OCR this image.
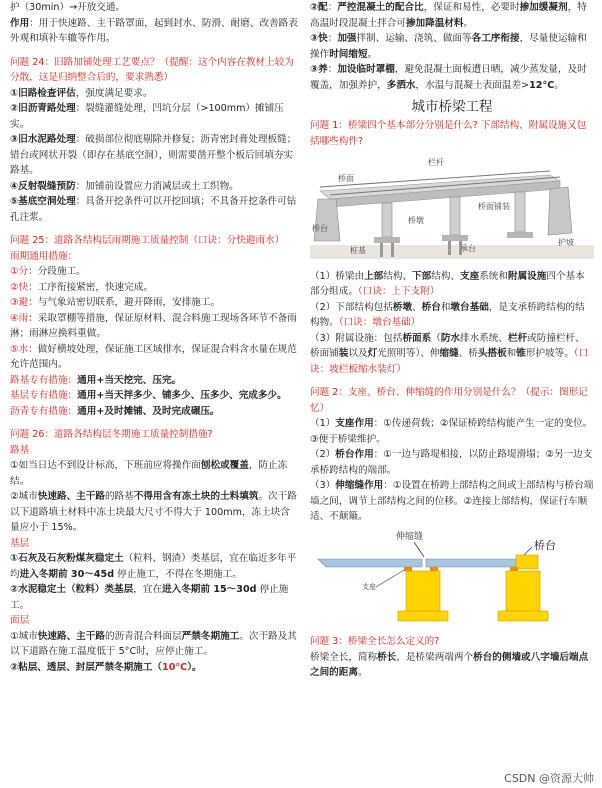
护（30min）→开放交通。

作用：用于快速路、主干路罩面，起到封水、防滑、耐磨、改善路表外观和填补车辙等作用。

问题 24：旧路加铺处理工艺要点？（提醒：这个内容在教材上较为分散，这是归纳整合后的，要求熟悉）

①旧路检查评估，强度满足要求。

②旧沥青路处理：裂缝灌缝处理，凹坑分层（>100mm）摊铺压实。

③旧水泥路处理：破损部位彻底剔除并修复；沥青密封膏处理板缝；错台或网状开裂（即存在基底空洞），则需要凿开整个板后回填夯实路基。

④反射裂缝预防：加铺前设置应力消减层或土工织物。

⑤基底空洞处理：具备开挖条件可以开挖回填；不具备开挖条件可钻孔注浆。

问题 25：道路各结构层雨期施工质量控制（口诀：分快避雨水）

雨期通用措施：

①分：分段施工。

②快：工序衔接紧密，快速完成。

③避：与气象站密切联系，避开降雨，安排施工。

④雨：采取罩棚等措施，保证原材料、混合料施工现场各环节不备雨淋；雨淋应换料重做。

⑤水：做好横坡处理，保证施工区域排水，保证混合料含水量在规范允许范围内。

路基专有措施：通用+当天挖完、压完。

基层专有措施：通用+当天拌多少、铺多少、压多少、完成多少。

沥青专有措施：通用+及时摊铺、及时完成碾压。

问题 26：道路各结构层冬期施工质量控制措施?

路基

①如当日达不到设计标高，下班前应将操作面刨松或覆盖，防止冻结。

②城市快速路、主干路的路基不得用含有冻土块的土料填筑。次干路以下道路填土材料中冻土块最大尺寸不得大于 100mm，冻土块含量应小于 15%。

基层

①石灰及石灰粉煤灰稳定土（粒料、钢渣）类基层，宜在临近多年平均进入冬期前 30～45d 停止施工，不得在冬期施工。

②水泥稳定土（粒料）类基层，宜在进入冬期前 15～30d 停止施工。

面层

①城市快速路、主干路的沥青混合料面层严禁冬期施工。次干路及其以下道路在施工温度低于 5°C时，应停止施工。

②粘层、透层、封层严禁冬期施工（10°C）。

②配：严控混凝土的配合比，保证和易性，必要时掺加缓凝剂，特高温时段混凝土拌合可掺加降温材料。

③快：加强拌制、运输、浇筑、做面等各工序衔接，尽量使运输和操作时间缩短。

③养：加设临时罩棚，避免混凝土面板遭日晒，减少蒸发量，及时覆盖，加强养护，多洒水，水温与混凝土表面温差>12°C。

城市桥梁工程

问题 1：桥梁四个基本部分分别是什么? 下部结构、附属设施又包括哪些构件?

栏杆
桥面
桥墩
桥台
护坡
承台
桥面铺装
桩基

（1）桥梁由上部结构、下部结构、支座系统和附属设施四个基本部分组成。（口诀：上下支附）

（2）下部结构包括桥墩、桥台和墩台基础，是支承桥跨结构的结构物。（口诀：墩台基础）

（3）附属设施：包括桥面系（防水排水系统、栏杆或防撞栏杆、桥面铺装以及灯光照明等）、伸缩缝、桥头搭板和锥形护坡等。（口诀：坡栏板缩水装灯）

问题 2：支座、桥台、伸缩缝的作用分别是什么？（提示：图形记忆）

（1）支座作用：①传递荷载；②保证桥跨结构能产生一定的变位。③便于桥梁维护。

（2）桥台作用：①一边与路堤相接，以防止路堤滑塌；②另一边支承桥跨结构的端部。

（3）伸缩缝作用：①设置在桥跨上部结构之间或上部结构与桥台端墙之间，调节上部结构之间的位移。②连接上部结构，保证行车顺适、不颠簸。

伸缩缝
桥台
支座

问题 3：桥梁全长怎么定义的?

桥梁全长，简称桥长，是桥梁两端两个桥台的侧墙或八字墙后端点之间的距离。

CSDN @资源大帅
